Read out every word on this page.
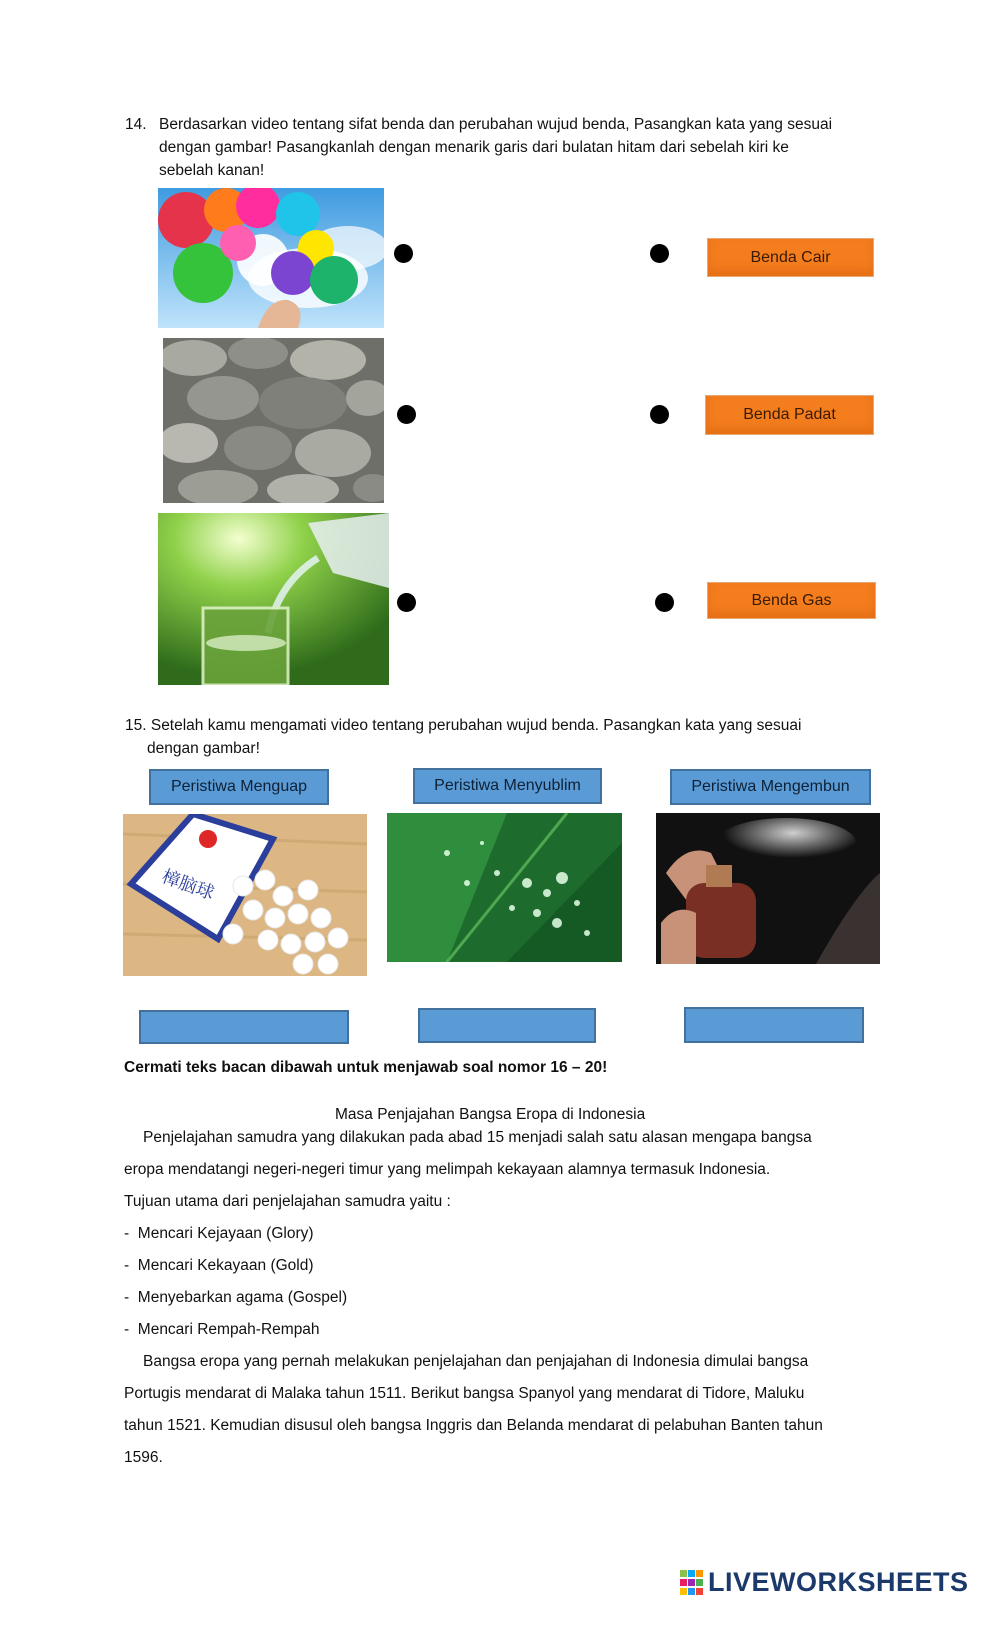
14. Berdasarkan video tentang sifat benda dan perubahan wujud benda, Pasangkan kata yang sesuai
dengan gambar! Pasangkanlah dengan menarik garis dari bulatan hitam dari sebelah kiri ke
sebelah kanan!
Benda Cair
Benda Padat
Benda Gas
15. Setelah kamu mengamati video tentang perubahan wujud benda. Pasangkan kata yang sesuai
dengan gambar!
Peristiwa Menguap	Peristiwa Menyublim	Peristiwa Mengembun
樟脑球
Cermati teks bacan dibawah untuk menjawab soal nomor 16 – 20!
Masa Penjajahan Bangsa Eropa di Indonesia
Penjelajahan samudra yang dilakukan pada abad 15 menjadi salah satu alasan mengapa bangsa
eropa mendatangi negeri-negeri timur yang melimpah kekayaan alamnya termasuk Indonesia.
Tujuan utama dari penjelajahan samudra yaitu :
-  Mencari Kejayaan (Glory)
-  Mencari Kekayaan (Gold)
-  Menyebarkan agama (Gospel)
-  Mencari Rempah-Rempah
Bangsa eropa yang pernah melakukan penjelajahan dan penjajahan di Indonesia dimulai bangsa
Portugis mendarat di Malaka tahun 1511. Berikut bangsa Spanyol yang mendarat di Tidore, Maluku
tahun 1521. Kemudian disusul oleh bangsa Inggris dan Belanda mendarat di pelabuhan Banten tahun
1596.
LIVEWORKSHEETS
